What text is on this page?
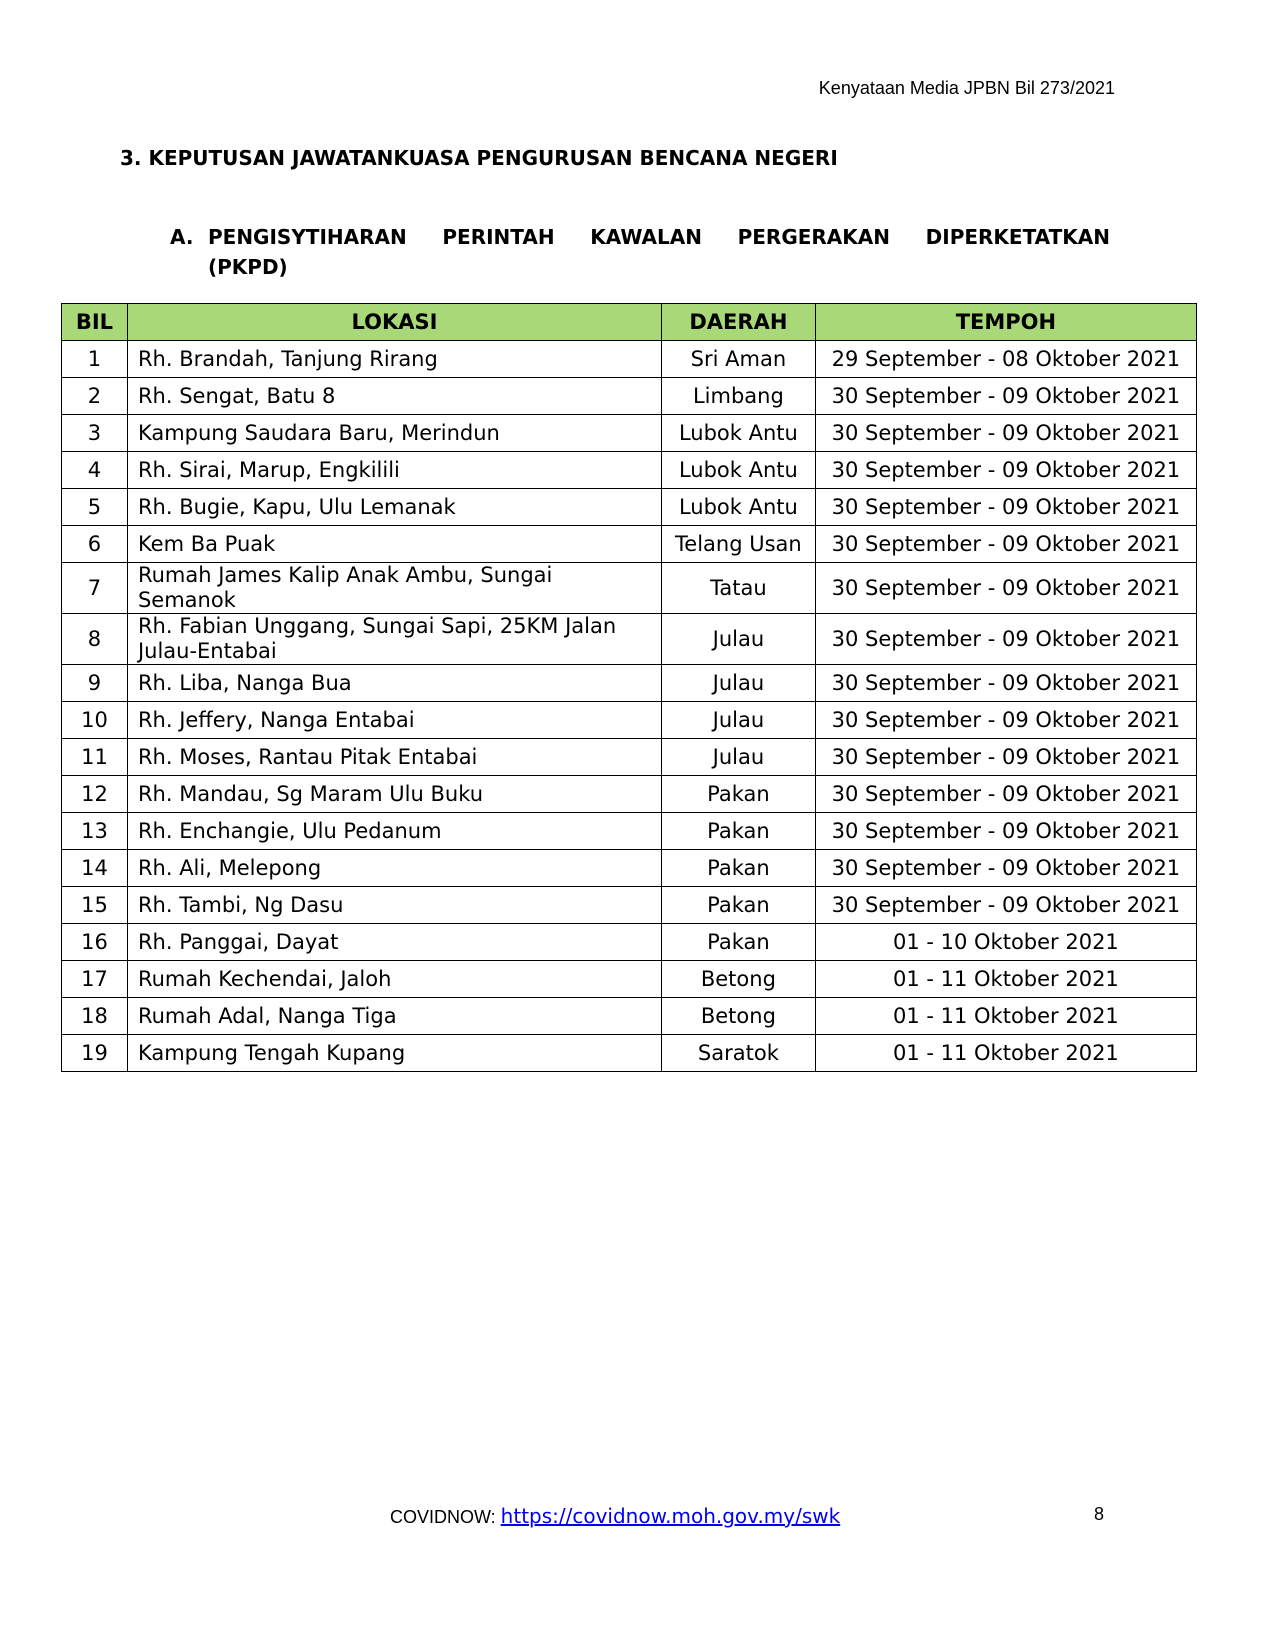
Kenyataan Media JPBN Bil 273/2021
3. KEPUTUSAN JAWATANKUASA PENGURUSAN BENCANA NEGERI
A. PENGISYTIHARAN PERINTAH KAWALAN PERGERAKAN DIPERKETATKAN
(PKPD)
BIL	LOKASI	DAERAH	TEMPOH
1	Rh. Brandah, Tanjung Rirang	Sri Aman	29 September - 08 Oktober 2021
2	Rh. Sengat, Batu 8	Limbang	30 September - 09 Oktober 2021
3	Kampung Saudara Baru, Merindun	Lubok Antu	30 September - 09 Oktober 2021
4	Rh. Sirai, Marup, Engkilili	Lubok Antu	30 September - 09 Oktober 2021
5	Rh. Bugie, Kapu, Ulu Lemanak	Lubok Antu	30 September - 09 Oktober 2021
6	Kem Ba Puak	Telang Usan	30 September - 09 Oktober 2021
7	Rumah James Kalip Anak Ambu, Sungai Semanok	Tatau	30 September - 09 Oktober 2021
8	Rh. Fabian Unggang, Sungai Sapi, 25KM Jalan Julau-Entabai	Julau	30 September - 09 Oktober 2021
9	Rh. Liba, Nanga Bua	Julau	30 September - 09 Oktober 2021
10	Rh. Jeffery, Nanga Entabai	Julau	30 September - 09 Oktober 2021
11	Rh. Moses, Rantau Pitak Entabai	Julau	30 September - 09 Oktober 2021
12	Rh. Mandau, Sg Maram Ulu Buku	Pakan	30 September - 09 Oktober 2021
13	Rh. Enchangie, Ulu Pedanum	Pakan	30 September - 09 Oktober 2021
14	Rh. Ali, Melepong	Pakan	30 September - 09 Oktober 2021
15	Rh. Tambi, Ng Dasu	Pakan	30 September - 09 Oktober 2021
16	Rh. Panggai, Dayat	Pakan	01 - 10 Oktober 2021
17	Rumah Kechendai, Jaloh	Betong	01 - 11 Oktober 2021
18	Rumah Adal, Nanga Tiga	Betong	01 - 11 Oktober 2021
19	Kampung Tengah Kupang	Saratok	01 - 11 Oktober 2021
COVIDNOW: https://covidnow.moh.gov.my/swk	8
